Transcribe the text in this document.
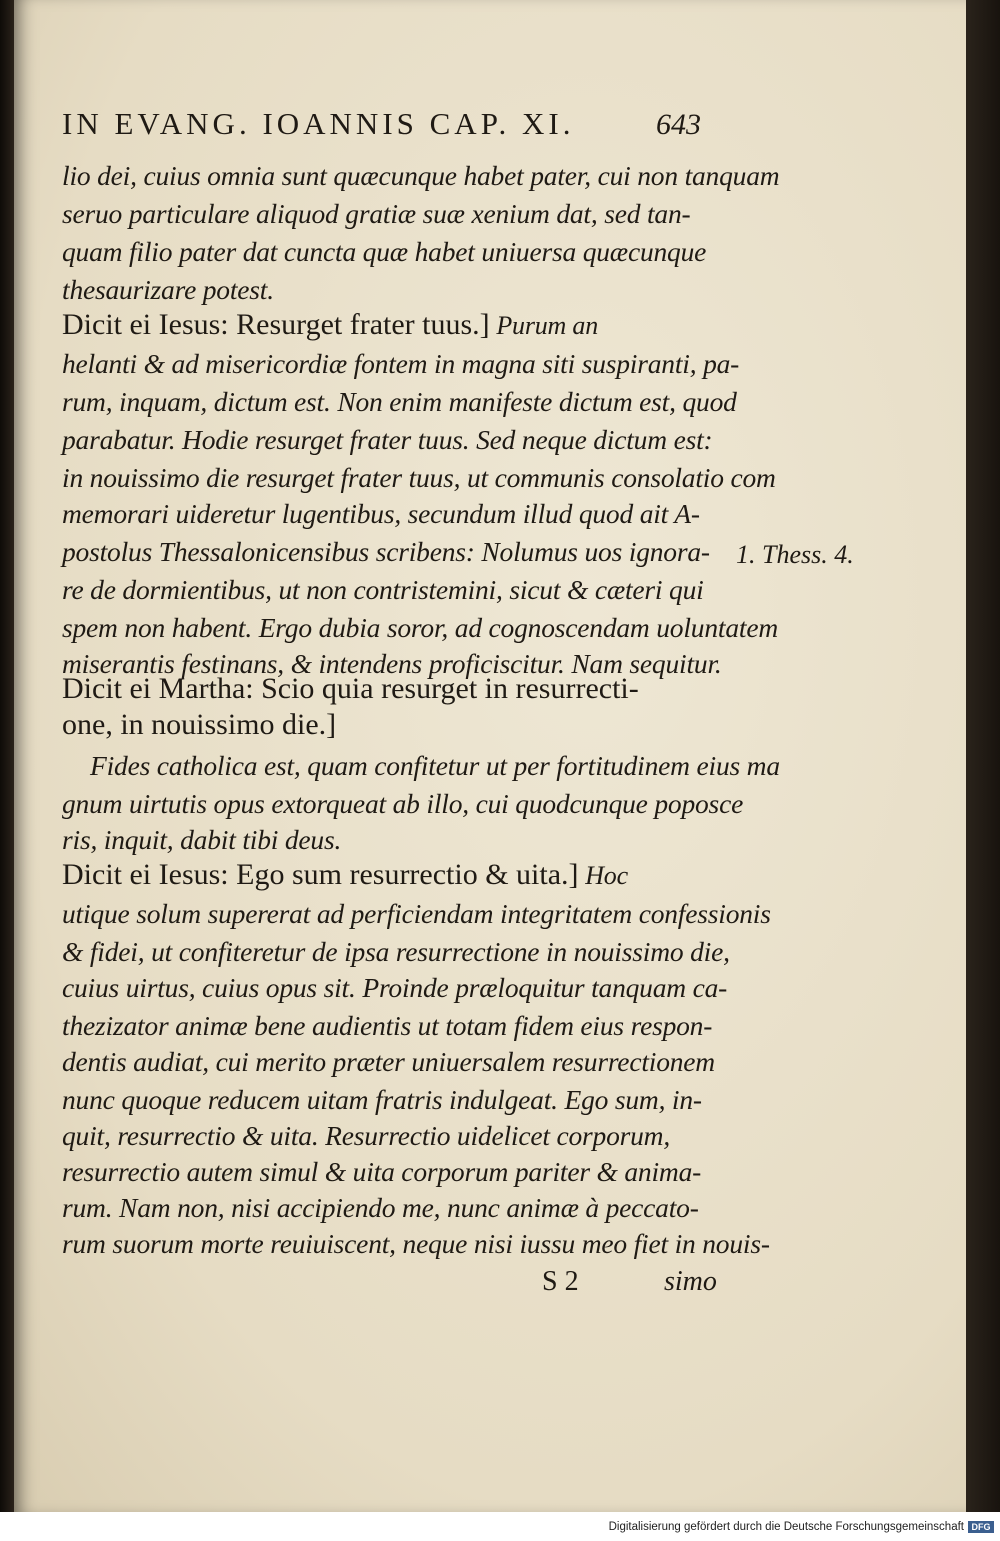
IN EVANG. IOANNIS CAP. XI.	643
lio dei, cuius omnia sunt quæcunque habet pater, cui non tanquam
seruo particulare aliquod gratiæ suæ xenium dat, sed tan-
quam filio pater dat cuncta quæ habet uniuersa quæcunque
thesaurizare potest.
Dicit ei Iesus: Resurget frater tuus.] Purum an
helanti & ad misericordiæ fontem in magna siti suspiranti, pa-
rum, inquam, dictum est. Non enim manifeste dictum est, quod
parabatur. Hodie resurget frater tuus. Sed neque dictum est:
in nouissimo die resurget frater tuus, ut communis consolatio com
memorari uideretur lugentibus, secundum illud quod ait A-
postolus Thessalonicensibus scribens: Nolumus uos ignora-
re de dormientibus, ut non contristemini, sicut & cæteri qui
spem non habent. Ergo dubia soror, ad cognoscendam uoluntatem
miserantis festinans, & intendens proficiscitur. Nam sequitur.
1. Thess. 4.
Dicit ei Martha: Scio quia resurget in resurrecti-
one, in nouissimo die.]
Fides catholica est, quam confitetur ut per fortitudinem eius ma
gnum uirtutis opus extorqueat ab illo, cui quodcunque poposce
ris, inquit, dabit tibi deus.
Dicit ei Iesus: Ego sum resurrectio & uita.] Hoc
utique solum supererat ad perficiendam integritatem confessionis
& fidei, ut confiteretur de ipsa resurrectione in nouissimo die,
cuius uirtus, cuius opus sit. Proinde præloquitur tanquam ca-
thezizator animæ bene audientis ut totam fidem eius respon-
dentis audiat, cui merito præter uniuersalem resurrectionem
nunc quoque reducem uitam fratris indulgeat. Ego sum, in-
quit, resurrectio & uita. Resurrectio uidelicet corporum,
resurrectio autem simul & uita corporum pariter & anima-
rum. Nam non, nisi accipiendo me, nunc animæ à peccato-
rum suorum morte reuiuiscent, neque nisi iussu meo fiet in nouis-
S 2	simo
Digitalisierung gefördert durch die Deutsche Forschungsgemeinschaft DFG
